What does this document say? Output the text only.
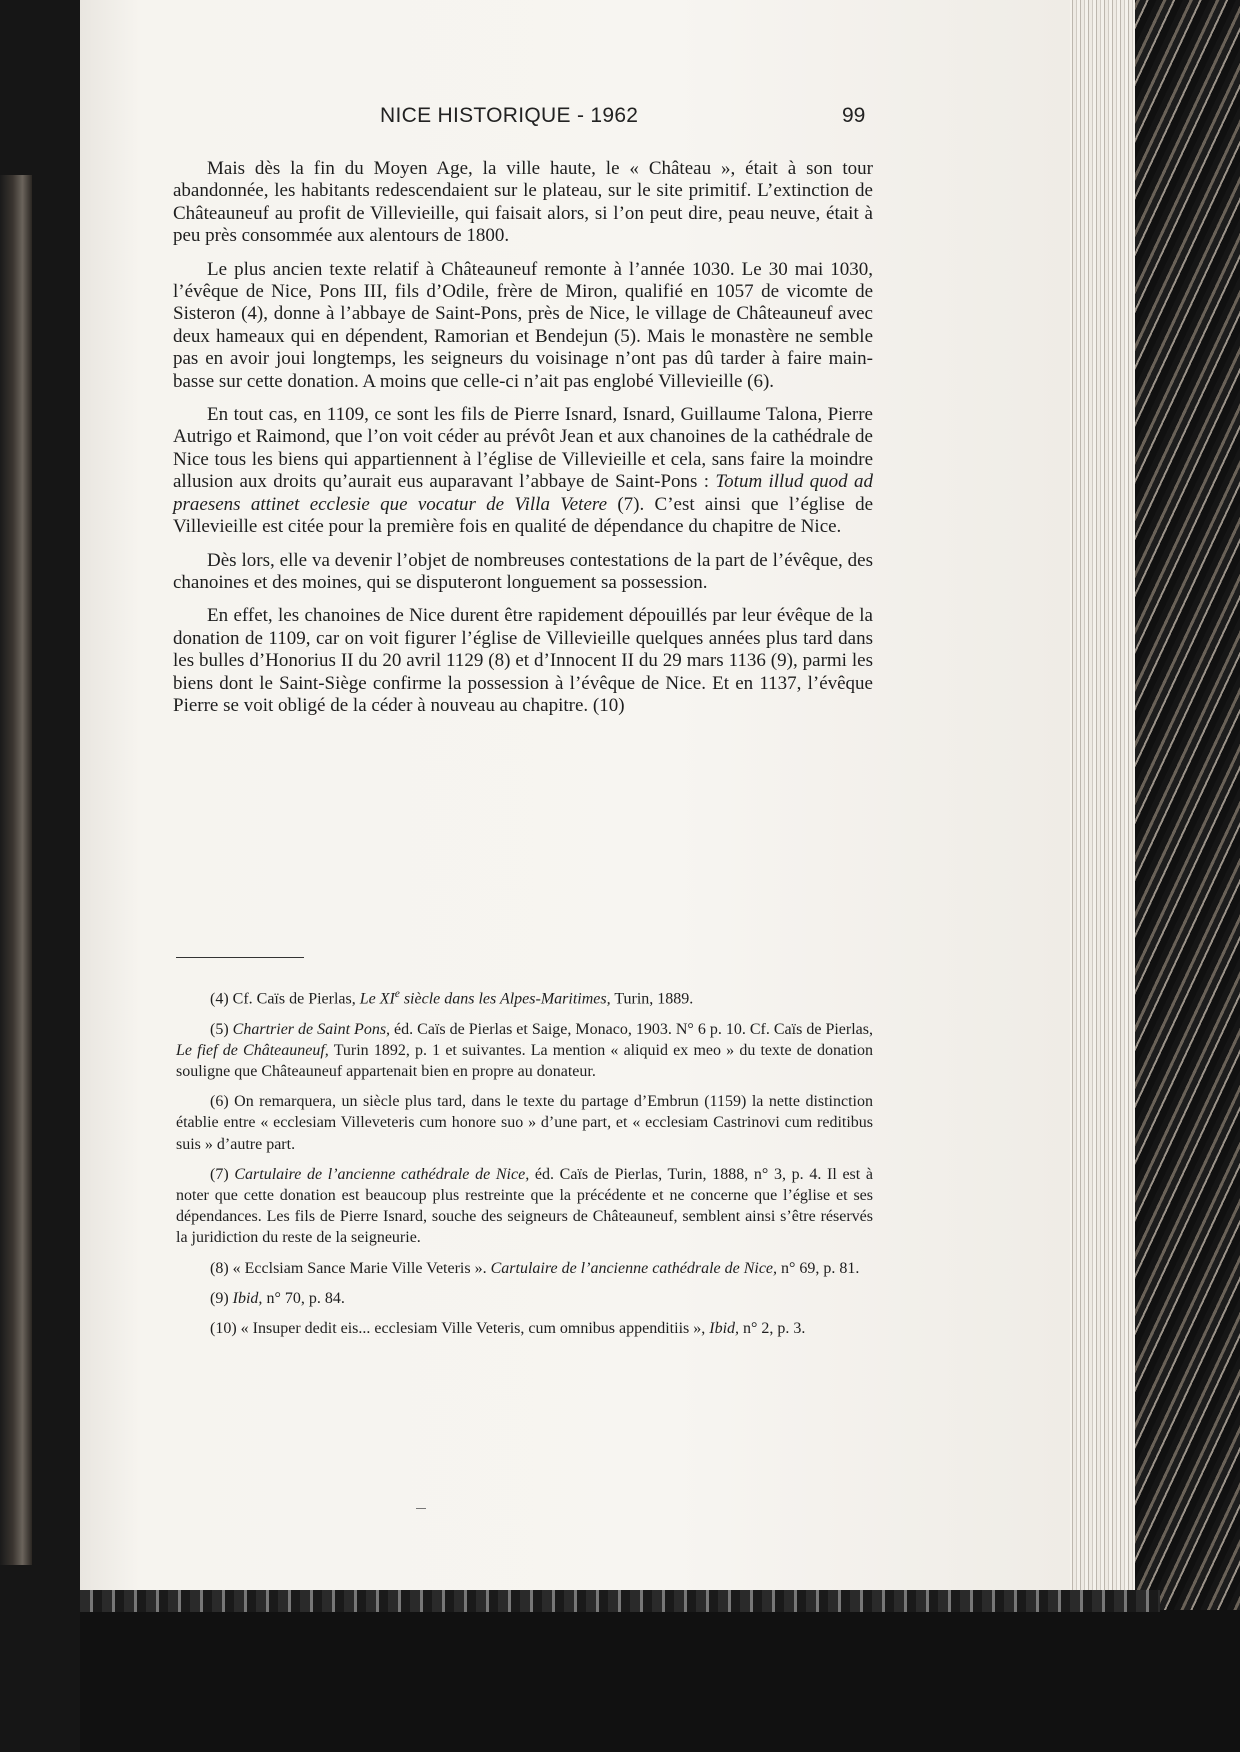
NICE HISTORIQUE - 1962	99

Mais dès la fin du Moyen Age, la ville haute, le « Château », était à son tour abandonnée, les habitants redescendaient sur le plateau, sur le site primitif. L’extinction de Châteauneuf au profit de Villevieille, qui faisait alors, si l’on peut dire, peau neuve, était à peu près consommée aux alentours de 1800.

Le plus ancien texte relatif à Châteauneuf remonte à l’année 1030. Le 30 mai 1030, l’évêque de Nice, Pons III, fils d’Odile, frère de Miron, qualifié en 1057 de vicomte de Sisteron (4), donne à l’abbaye de Saint-Pons, près de Nice, le village de Châteauneuf avec deux hameaux qui en dépendent, Ramorian et Bendejun (5). Mais le monastère ne semble pas en avoir joui longtemps, les seigneurs du voisinage n’ont pas dû tarder à faire main-basse sur cette donation. A moins que celle-ci n’ait pas englobé Villevieille (6).

En tout cas, en 1109, ce sont les fils de Pierre Isnard, Isnard, Guillaume Talona, Pierre Autrigo et Raimond, que l’on voit céder au prévôt Jean et aux chanoines de la cathédrale de Nice tous les biens qui appartiennent à l’église de Villevieille et cela, sans faire la moindre allusion aux droits qu’aurait eus auparavant l’abbaye de Saint-Pons : Totum illud quod ad praesens attinet ecclesie que vocatur de Villa Vetere (7). C’est ainsi que l’église de Villevieille est citée pour la première fois en qualité de dépendance du chapitre de Nice.

Dès lors, elle va devenir l’objet de nombreuses contestations de la part de l’évêque, des chanoines et des moines, qui se disputeront longuement sa possession.

En effet, les chanoines de Nice durent être rapidement dépouillés par leur évêque de la donation de 1109, car on voit figurer l’église de Villevieille quelques années plus tard dans les bulles d’Honorius II du 20 avril 1129 (8) et d’Innocent II du 29 mars 1136 (9), parmi les biens dont le Saint-Siège confirme la possession à l’évêque de Nice. Et en 1137, l’évêque Pierre se voit obligé de la céder à nouveau au chapitre. (10)

(4) Cf. Caïs de Pierlas, Le XIe siècle dans les Alpes-Maritimes, Turin, 1889.

(5) Chartrier de Saint Pons, éd. Caïs de Pierlas et Saige, Monaco, 1903. N° 6 p. 10. Cf. Caïs de Pierlas, Le fief de Châteauneuf, Turin 1892, p. 1 et suivantes. La mention « aliquid ex meo » du texte de donation souligne que Châteauneuf appartenait bien en propre au donateur.

(6) On remarquera, un siècle plus tard, dans le texte du partage d’Embrun (1159) la nette distinction établie entre « ecclesiam Villeveteris cum honore suo » d’une part, et « ecclesiam Castrinovi cum reditibus suis » d’autre part.

(7) Cartulaire de l’ancienne cathédrale de Nice, éd. Caïs de Pierlas, Turin, 1888, n° 3, p. 4. Il est à noter que cette donation est beaucoup plus restreinte que la précédente et ne concerne que l’église et ses dépendances. Les fils de Pierre Isnard, souche des seigneurs de Châteauneuf, semblent ainsi s’être réservés la juridiction du reste de la seigneurie.

(8) « Ecclsiam Sance Marie Ville Veteris ». Cartulaire de l’ancienne cathédrale de Nice, n° 69, p. 81.

(9) Ibid, n° 70, p. 84.

(10) « Insuper dedit eis... ecclesiam Ville Veteris, cum omnibus appenditiis », Ibid, n° 2, p. 3.
